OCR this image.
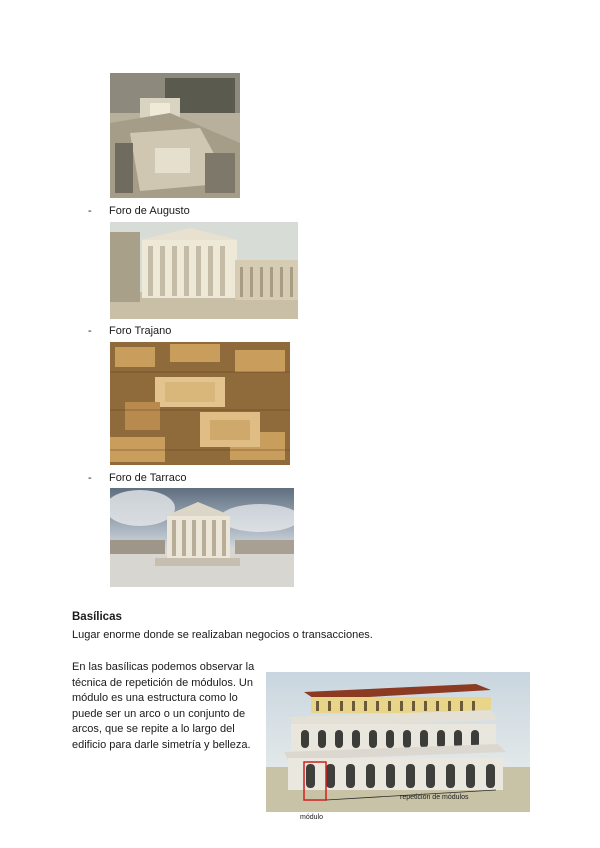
- Foro de Augusto
- Foro Trajano
- Foro de Tarraco
Basílicas
Lugar enorme donde se realizaban negocios o transacciones.
En las basílicas podemos observar la
técnica de repetición de módulos. Un
módulo es una estructura como lo
puede ser un arco o un conjunto de
arcos, que se repite a lo largo del
edificio para darle simetría y belleza.
repetición de módulos
módulo
